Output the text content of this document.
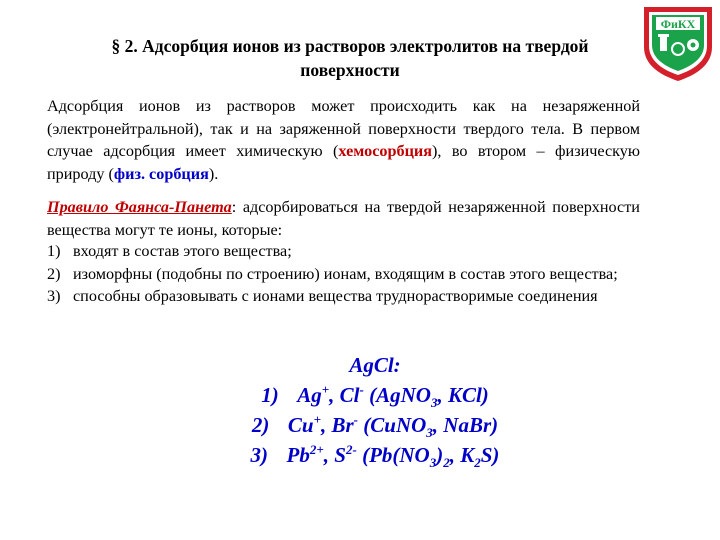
§ 2. Адсорбция ионов из растворов электролитов на твердой
поверхности
ФиКХ
Адсорбция ионов из растворов может происходить как на незаряженной (электронейтральной), так и на заряженной поверхности твердого тела. В первом случае адсорбция имеет химическую (хемосорбция), во втором – физическую природу (физ. сорбция).
Правило Фаянса-Панета: адсорбироваться на твердой незаряженной поверхности вещества могут те ионы, которые:
1) входят в состав этого вещества;
2) изоморфны (подобны по строению) ионам, входящим в состав этого вещества;
3) способны образовывать с ионами вещества труднорастворимые соединения
AgCl:
1) Ag+, Cl- (AgNO$_3$, KCl)
2) Cu+, Br- (CuNO$_3$, NaBr)
3) $Pb^{2+}$, $S^{2-}$ ($Pb(NO_3)_2$, $K_2S$)
